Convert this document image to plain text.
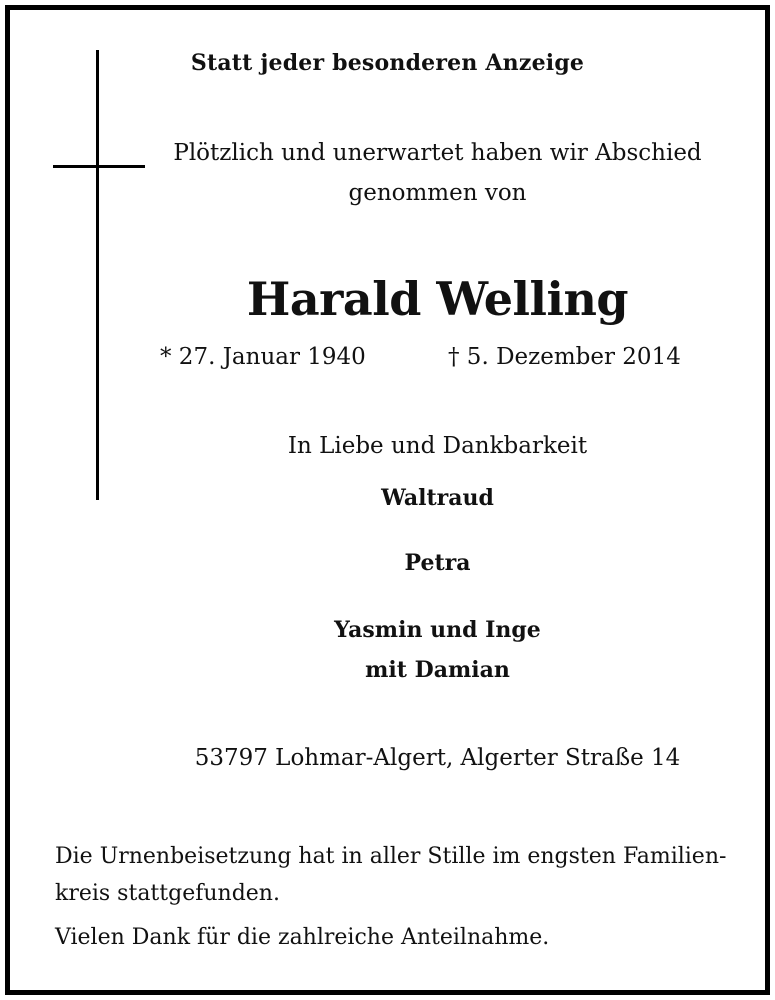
Statt jeder besonderen Anzeige
Plötzlich und unerwartet haben wir Abschied
genommen von
Harald Welling
* 27. Januar 1940	† 5. Dezember 2014
In Liebe und Dankbarkeit
Waltraud
Petra
Yasmin und Inge
mit Damian
53797 Lohmar-Algert, Algerter Straße 14
Die Urnenbeisetzung hat in aller Stille im engsten Familien-
kreis stattgefunden.
Vielen Dank für die zahlreiche Anteilnahme.
